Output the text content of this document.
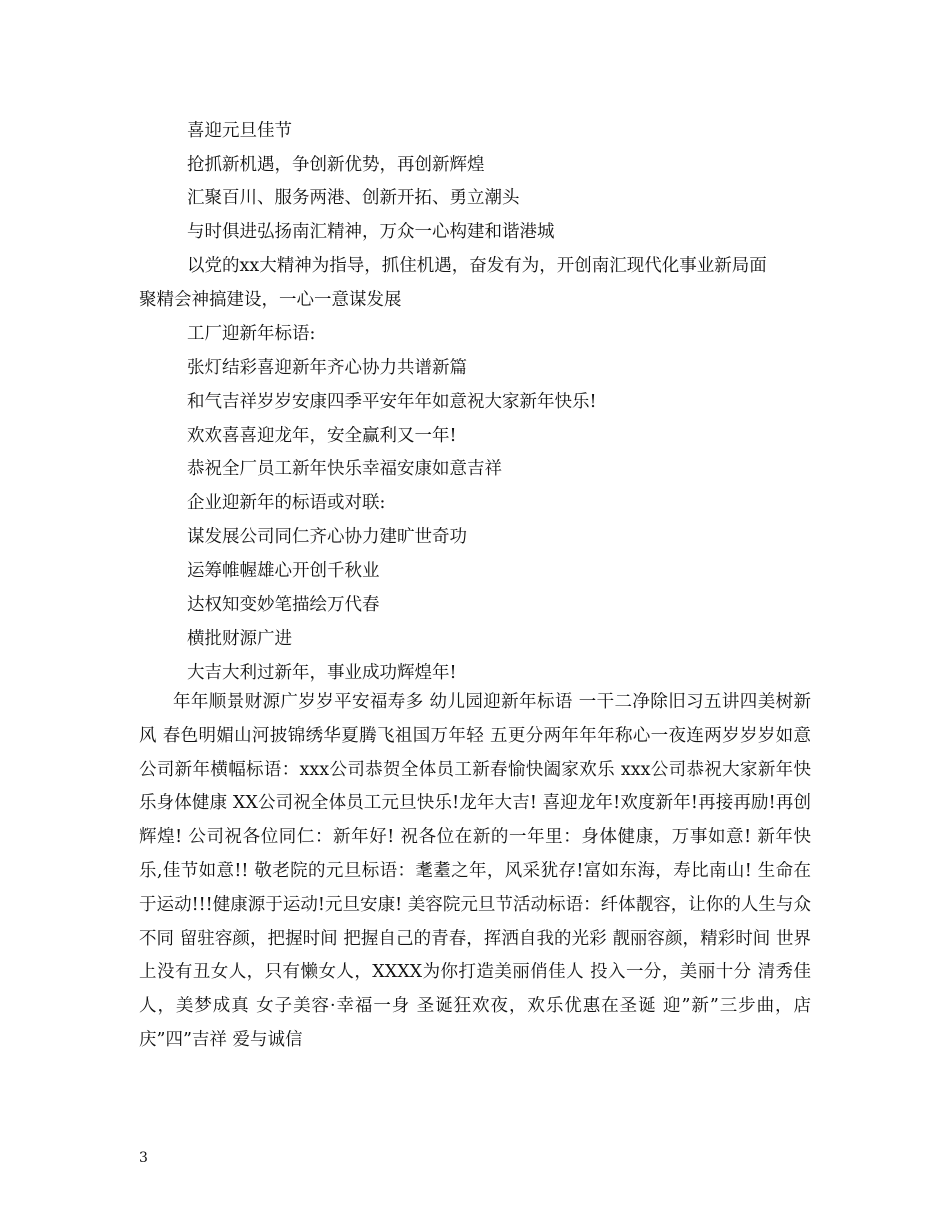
喜迎元旦佳节
抢抓新机遇，争创新优势，再创新辉煌
汇聚百川、服务两港、创新开拓、勇立潮头
与时俱进弘扬南汇精神，万众一心构建和谐港城
以党的xx大精神为指导，抓住机遇，奋发有为，开创南汇现代化事业新局面
聚精会神搞建设，一心一意谋发展
工厂迎新年标语:
张灯结彩喜迎新年齐心协力共谱新篇
和气吉祥岁岁安康四季平安年年如意祝大家新年快乐!
欢欢喜喜迎龙年，安全赢利又一年!
恭祝全厂员工新年快乐幸福安康如意吉祥
企业迎新年的标语或对联:
谋发展公司同仁齐心协力建旷世奇功
运筹帷幄雄心开创千秋业
达权知变妙笔描绘万代春
横批财源广进
大吉大利过新年，事业成功辉煌年!
年年顺景财源广岁岁平安福寿多 幼儿园迎新年标语 一干二净除旧习五讲四美树新风 春色明媚山河披锦绣华夏腾飞祖国万年轻 五更分两年年年称心一夜连两岁岁岁如意 公司新年横幅标语：xxx公司恭贺全体员工新春愉快阖家欢乐 xxx公司恭祝大家新年快乐身体健康 XX公司祝全体员工元旦快乐!龙年大吉! 喜迎龙年!欢度新年!再接再励!再创辉煌! 公司祝各位同仁：新年好! 祝各位在新的一年里：身体健康，万事如意! 新年快乐,佳节如意!! 敬老院的元旦标语：耄耋之年，风采犹存!富如东海，寿比南山! 生命在于运动!!!健康源于运动!元旦安康! 美容院元旦节活动标语：纤体靓容，让你的人生与众不同 留驻容颜，把握时间 把握自己的青春，挥洒自我的光彩 靓丽容颜，精彩时间 世界上没有丑女人，只有懒女人，XXXX为你打造美丽俏佳人 投入一分，美丽十分 清秀佳人，美梦成真 女子美容·幸福一身 圣诞狂欢夜，欢乐优惠在圣诞 迎”新”三步曲，店庆”四”吉祥 爱与诚信
3
